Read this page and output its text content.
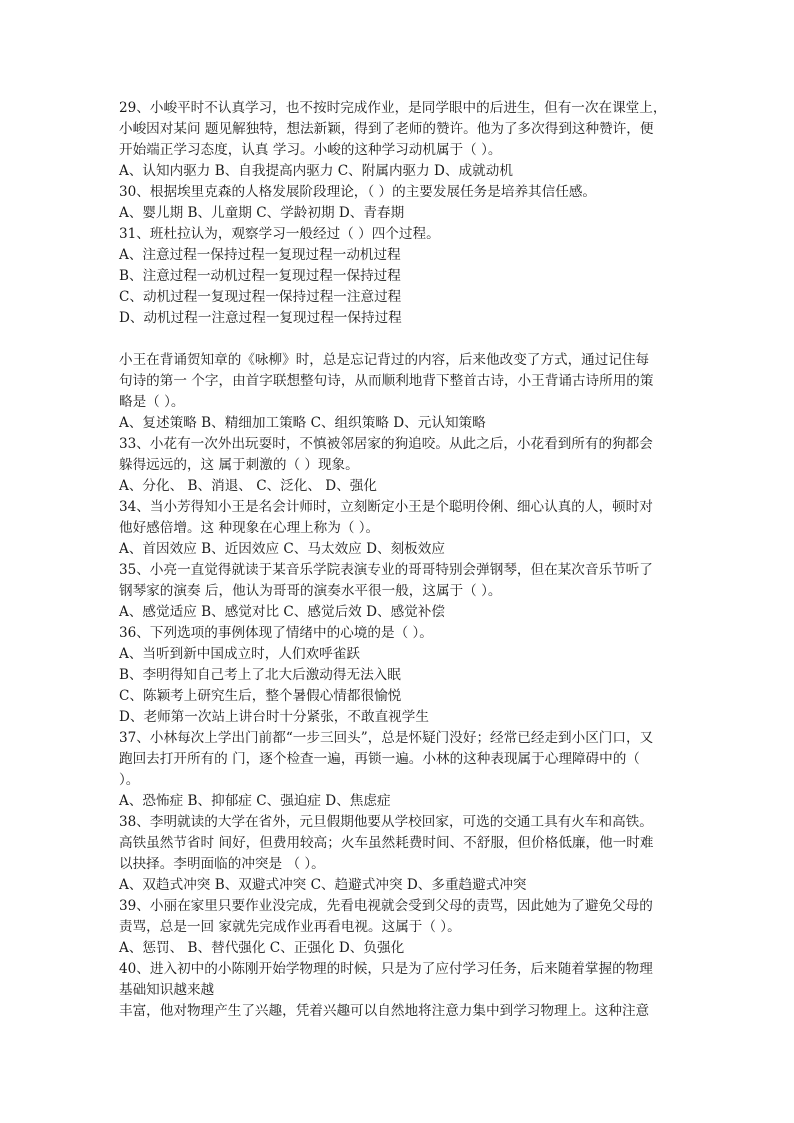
29、小峻平时不认真学习，也不按时完成作业，是同学眼中的后进生，但有一次在课堂上，
小峻因对某问 题见解独特，想法新颖，得到了老师的赞许。他为了多次得到这种赞许，便
开始端正学习态度，认真 学习。小峻的这种学习动机属于（ ）。
A、认知内驱力 B、自我提高内驱力 C、附属内驱力 D、成就动机
30、根据埃里克森的人格发展阶段理论，（ ）的主要发展任务是培养其信任感。
A、婴儿期 B、儿童期 C、学龄初期 D、青春期
31、班杜拉认为，观察学习一般经过（ ）四个过程。
A、注意过程一保持过程一复现过程一动机过程
B、注意过程一动机过程一复现过程一保持过程
C、动机过程一复现过程一保持过程一注意过程
D、动机过程一注意过程一复现过程一保持过程
小王在背诵贺知章的《咏柳》时，总是忘记背过的内容，后来他改变了方式，通过记住每
句诗的第一 个字，由首字联想整句诗，从而顺利地背下整首古诗，小王背诵古诗所用的策
略是（ ）。
A、复述策略 B、精细加工策略 C、组织策略 D、元认知策略
33、小花有一次外出玩耍时，不慎被邻居家的狗追咬。从此之后，小花看到所有的狗都会
躲得远远的，这 属于刺激的（ ）现象。
A、分化、 B、消退、 C、泛化、 D、强化
34、当小芳得知小王是名会计师时，立刻断定小王是个聪明伶俐、细心认真的人，顿时对
他好感倍增。这 种现象在心理上称为（ ）。
A、首因效应 B、近因效应 C、马太效应 D、刻板效应
35、小亮一直觉得就读于某音乐学院表演专业的哥哥特别会弹钢琴，但在某次音乐节听了
钢琴家的演奏 后，他认为哥哥的演奏水平很一般，这属于（ ）。
A、感觉适应 B、感觉对比 C、感觉后效 D、感觉补偿
36、下列选项的事例体现了情绪中的心境的是（ ）。
A、当听到新中国成立时，人们欢呼雀跃
B、李明得知自己考上了北大后激动得无法入眠
C、陈颖考上研究生后，整个暑假心情都很愉悦
D、老师第一次站上讲台时十分紧张，不敢直视学生
37、小林每次上学出门前都“一步三回头”，总是怀疑门没好；经常已经走到小区门口，又
跑回去打开所有的 门，逐个检查一遍，再锁一遍。小林的这种表现属于心理障碍中的（
）。
A、恐怖症 B、抑郁症 C、强迫症 D、焦虑症
38、李明就读的大学在省外，元旦假期他要从学校回家，可选的交通工具有火车和高铁。
高铁虽然节省时 间好，但费用较高；火车虽然耗费时间、不舒服，但价格低廉，他一时难
以抉择。李明面临的冲突是 （ ）。
A、双趋式冲突 B、双避式冲突 C、趋避式冲突 D、多重趋避式冲突
39、小丽在家里只要作业没完成，先看电视就会受到父母的责骂，因此她为了避免父母的
责骂，总是一回 家就先完成作业再看电视。这属于（ ）。
A、惩罚、 B、替代强化 C、正强化 D、负强化
40、进入初中的小陈刚开始学物理的时候，只是为了应付学习任务，后来随着掌握的物理
基础知识越来越
丰富，他对物理产生了兴趣，凭着兴趣可以自然地将注意力集中到学习物理上。这种注意
